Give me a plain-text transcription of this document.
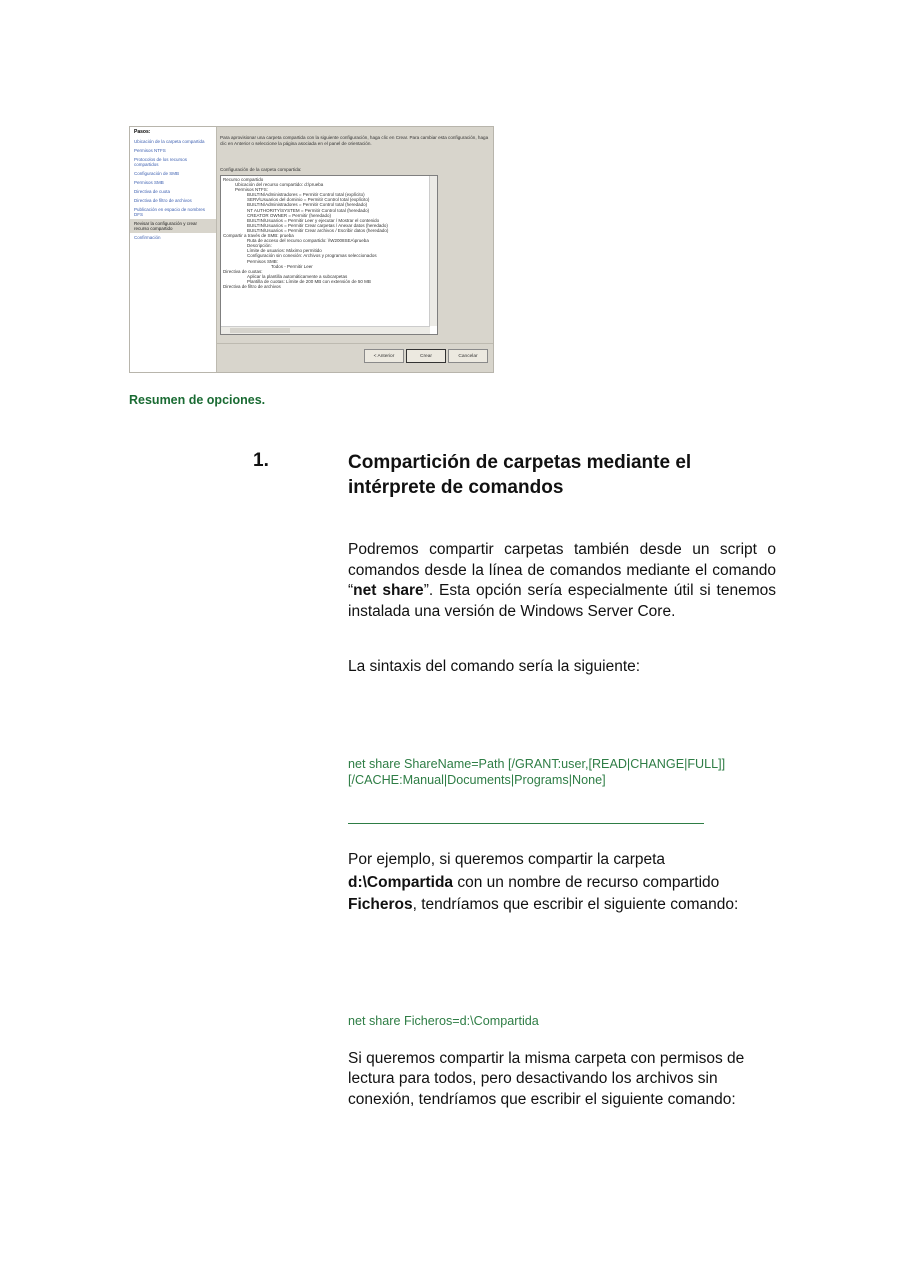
Pasos:
Ubicación de la carpeta compartida
Permisos NTFS
Protocolos de los recursos compartidos
Configuración de SMB
Permisos SMB
Directiva de cuota
Directiva de filtro de archivos
Publicación en espacio de nombres DFS
Revisar la configuración y crear recurso compartido
Confirmación
Para aprovisionar una carpeta compartida con la siguiente configuración, haga clic en Crear. Para cambiar esta configuración, haga clic en Anterior o seleccione la página asociada en el panel de orientación.
Configuración de la carpeta compartida:
Recurso compartido
Ubicación del recurso compartido: d:\prueba
Permisos NTFS:
BUILTIN\Administradores = Permitir Control total (explícito)
SERV\Usuarios del dominio = Permitir Control total (explícito)
BUILTIN\Administradores = Permitir Control total (heredado)
NT AUTHORITY\SYSTEM = Permitir Control total (heredado)
CREATOR OWNER = Permitir (heredado)
BUILTIN\Usuarios = Permitir Leer y ejecutar / Mostrar el contenido
BUILTIN\Usuarios = Permitir Crear carpetas / Anexar datos (heredado)
BUILTIN\Usuarios = Permitir Crear archivos / Escribir datos (heredado)
Compartir a través de SMB: prueba
Ruta de acceso del recurso compartido: \\W2008SEA\prueba
Descripción:
Límite de usuarios: Máximo permitido
Configuración sin conexión: Archivos y programas seleccionados
Permisos SMB:
Todos - Permitir Leer
Directiva de cuotas:
Aplicar la plantilla automáticamente a subcarpetas
Plantilla de cuotas: Límite de 200 MB con extensión de 50 MB
Directiva de filtro de archivos
< Anterior	Crear	Cancelar
Resumen de opciones.
1.	Compartición de carpetas mediante el intérprete de comandos
Podremos compartir carpetas también desde un script o comandos desde la línea de comandos mediante el comando “net share”. Esta opción sería especialmente útil si tenemos instalada una versión de Windows Server Core.
La sintaxis del comando sería la siguiente:
net share ShareName=Path [/GRANT:user,[READ|CHANGE|FULL]]
[/CACHE:Manual|Documents|Programs|None]
Por ejemplo, si queremos compartir la carpeta d:\Compartida con un nombre de recurso compartido Ficheros, tendríamos que escribir el siguiente comando:
net share Ficheros=d:\Compartida
Si queremos compartir la misma carpeta con permisos de lectura para todos, pero desactivando los archivos sin conexión, tendríamos que escribir el siguiente comando:
